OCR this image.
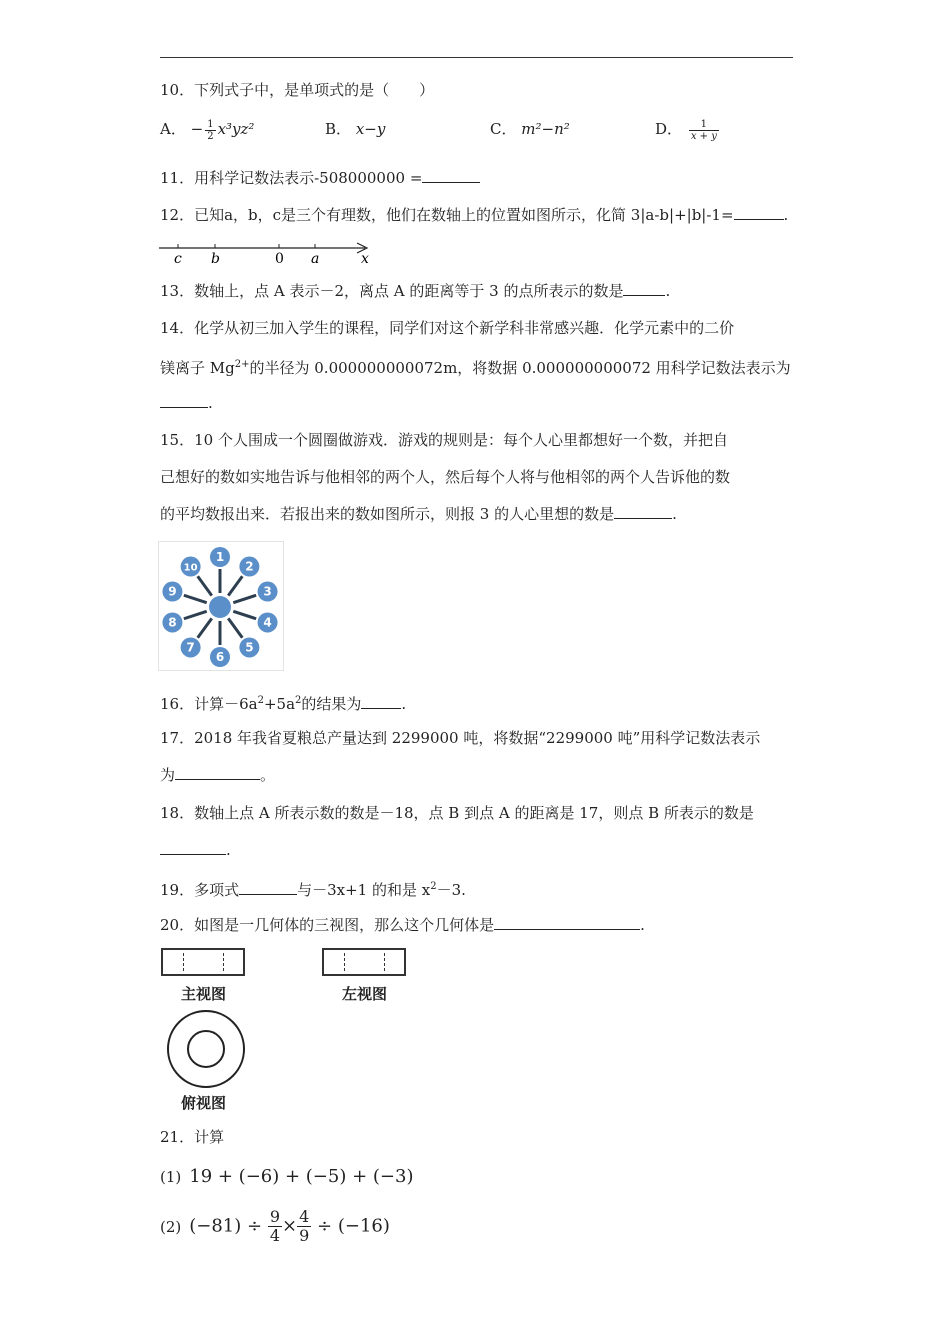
10．下列式子中，是单项式的是（　　）
A． − $\frac{1}{2} x^3yz^2$	B． x−y	C． m²−n²	D． $\frac{1}{x + y}$
11．用科学记数法表示-508000000 =
12．已知a，b，c是三个有理数，他们在数轴上的位置如图所示，化简 3|a-b|+|b|-1=	.
c b	0 a	x
13．数轴上，点 A 表示－2，离点 A 的距离等于 3 的点所表示的数是	.
14．化学从初三加入学生的课程，同学们对这个新学科非常感兴趣．化学元素中的二价
镁离子 $Mg^{2+}$的半径为 0.000000000072m，将数据 0.000000000072 用科学记数法表示为
.
15．10 个人围成一个圆圈做游戏．游戏的规则是：每个人心里都想好一个数，并把自
己想好的数如实地告诉与他相邻的两个人，然后每个人将与他相邻的两个人告诉他的数
的平均数报出来．若报出来的数如图所示，则报 3 的人心里想的数是	.
1
2
3
4
5
6
7
8
9
10
16．计算$-6a^2+5a^2$的结果为	.
17．2018 年我省夏粮总产量达到 2299000 吨，将数据“2299000 吨”用科学记数法表示
为	。
18．数轴上点 A 所表示数的数是－18，点 B 到点 A 的距离是 17，则点 B 所表示的数是
.
19．多项式	与－3x+1 的和是 $x^2-3$.
20．如图是一几何体的三视图，那么这个几何体是	.
主视图	左视图
俯视图
21．计算
(1) 19 + (−6) + (−5) + (−3)
(2) $(-81) \div \frac{9}{4} \times \frac{4}{9} \div (-16)$
